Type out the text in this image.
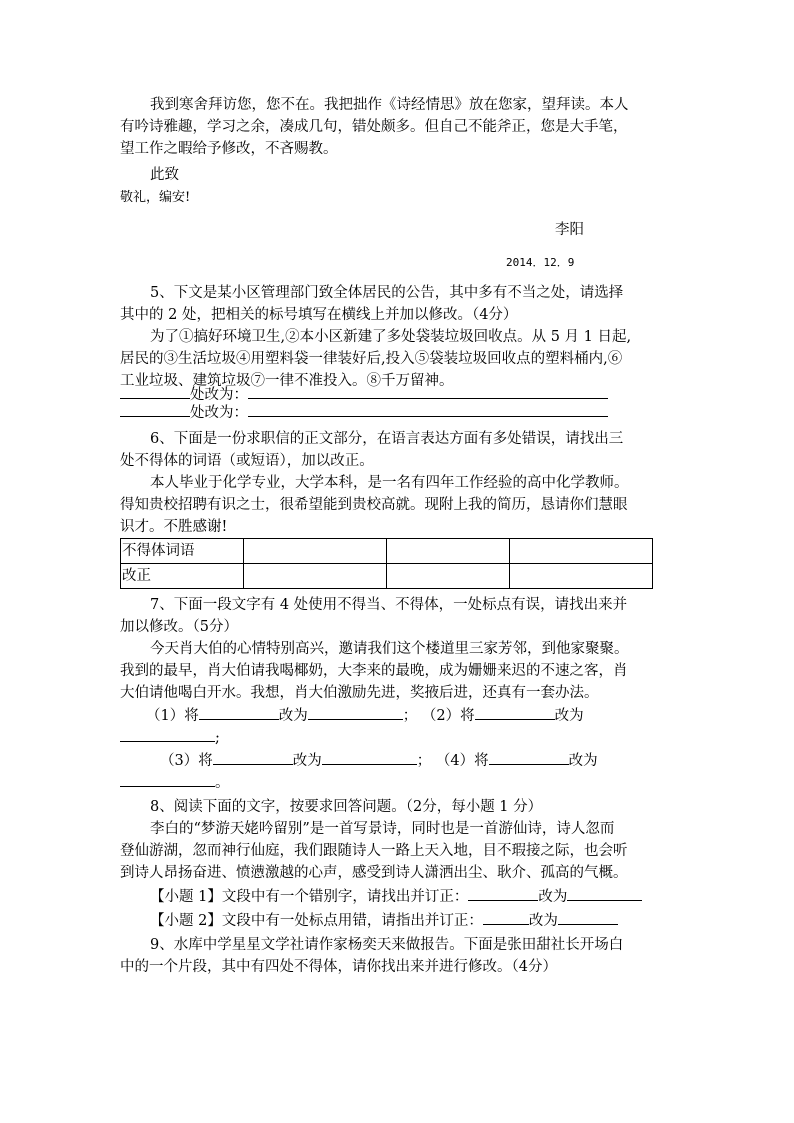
我到寒舍拜访您，您不在。我把拙作《诗经情思》放在您家，望拜读。本人
有吟诗雅趣，学习之余，凑成几句，错处颇多。但自己不能斧正，您是大手笔，
望工作之暇给予修改，不吝赐教。
此致
敬礼，编安!
李阳
2014．12．9
5、下文是某小区管理部门致全体居民的公告，其中多有不当之处，请选择
其中的 2 处，把相关的标号填写在横线上并加以修改。（4分）
为了①搞好环境卫生,②本小区新建了多处袋装垃圾回收点。从 5 月 1 日起,
居民的③生活垃圾④用塑料袋一律装好后,投入⑤袋装垃圾回收点的塑料桶内,⑥
工业垃圾、建筑垃圾⑦一律不准投入。⑧千万留神。
处改为：
处改为：
6、下面是一份求职信的正文部分，在语言表达方面有多处错误，请找出三
处不得体的词语（或短语），加以改正。
本人毕业于化学专业，大学本科，是一名有四年工作经验的高中化学教师。
得知贵校招聘有识之士，很希望能到贵校高就。现附上我的简历，恳请你们慧眼
识才。不胜感谢!
不得体词语			
改正			
7、下面一段文字有 4 处使用不得当、不得体，一处标点有误，请找出来并
加以修改。（5分）
今天肖大伯的心情特别高兴，邀请我们这个楼道里三家芳邻，到他家聚聚。
我到的最早，肖大伯请我喝椰奶，大李来的最晚，成为姗姗来迟的不速之客，肖
大伯请他喝白开水。我想，肖大伯激励先进，奖掖后进，还真有一套办法。
（1）将	改为	； （2）将	改为
;
（3）将	改为	； （4）将	改为
。
8、阅读下面的文字，按要求回答问题。（2分，每小题 1 分）
李白的“梦游天姥吟留别”是一首写景诗，同时也是一首游仙诗，诗人忽而
登仙游湖，忽而神行仙庭，我们跟随诗人一路上天入地，目不瑕接之际，也会听
到诗人昂扬奋进、愤懑激越的心声，感受到诗人潇洒出尘、耿介、孤高的气概。
【小题 1】文段中有一个错别字，请找出并订正：	改为
【小题 2】文段中有一处标点用错，请指出并订正：	改为
9、水库中学星星文学社请作家杨奕天来做报告。下面是张田甜社长开场白
中的一个片段，其中有四处不得体，请你找出来并进行修改。（4分）
